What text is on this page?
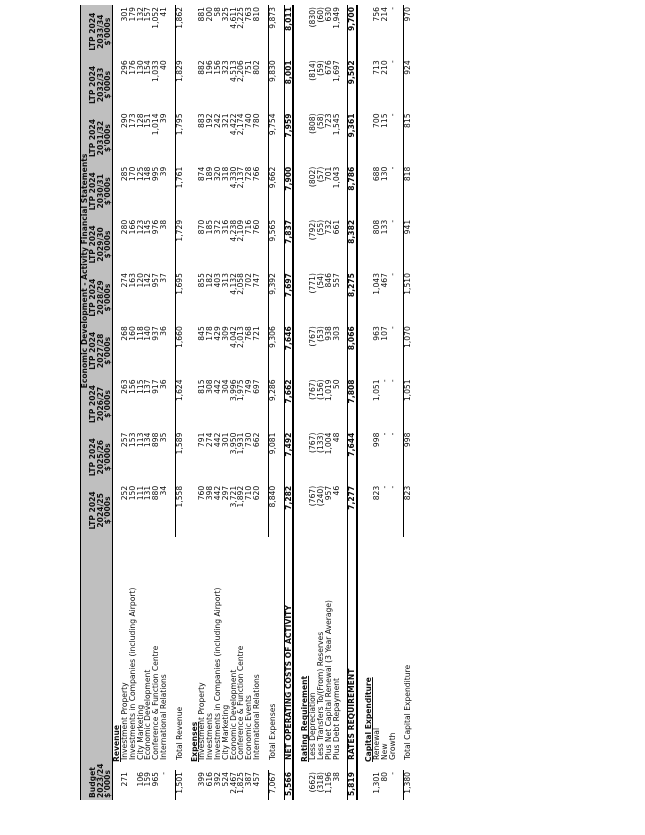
		Economic Development - Activity Financial Statements									
Budget		LTP 2024	LTP 2024	LTP 2024	LTP 2024	LTP 2024	LTP 2024	LTP 2024	LTP 2024	LTP 2024	LTP 2024
2023/24		2024/25	2025/26	2026/27	2027/28	2028/29	2029/30	2030/31	2031/32	2032/33	2033/34
$'000s		$'000s	$'000s	$'000s	$'000s	$'000s	$'000s	$'000s	$'000s	$'000s	$'000s
	Revenue										
271	Investment Property	252	257	263	268	274	280	285	290	296	301
	Investments in Companies (including Airport)	150	153	156	160	163	166	170	173	176	179
106	City Marketing	111	113	115	118	120	123	125	128	130	132
159	Economic Development	131	134	137	140	142	145	148	151	154	157
965	Conference & Function Centre	880	898	917	937	957	976	995	1,014	1,033	1,052
-	International Relations	34	35	36	36	37	38	39	39	40	41

1,501	Total Revenue	1,558	1,589	1,624	1,660	1,695	1,729	1,761	1,795	1,829	1,862

	Expenses										
399	Investment Property	760	791	815	845	855	870	874	883	882	881
616	Investments	398	274	308	178	182	185	189	192	196	200
392	Investments in Companies (including Airport)	442	442	442	429	403	372	320	242	156	58
524	City Marketing	297	301	304	309	313	316	318	321	323	325
2,467	Economic Development	3,721	3,950	3,996	4,042	4,132	4,238	4,330	4,422	4,513	4,611
1,825	Conference & Function Centre	1,892	1,931	1,975	2,013	2,058	2,109	2,137	2,174	2,206	2,225
387	Economic Events	710	730	749	768	702	716	728	740	751	763
457	International Relations	620	662	697	721	747	760	766	780	802	810

7,067	Total Expenses	8,840	9,081	9,286	9,306	9,392	9,565	9,662	9,754	9,830	9,873

5,566	NET OPERATING COSTS OF ACTIVITY	7,282	7,492	7,662	7,646	7,697	7,837	7,900	7,959	8,001	8,011

	Rating Requirement										
(662)	Less Depreciation	(767)	(767)	(767)	(767)	(771)	(792)	(802)	(808)	(814)	(830)
(318)	Less Transfers To/(From) Reserves	(240)	(133)	(156)	(53)	(54)	(55)	(57)	(58)	(59)	(60)
1,196	Plus Net Capital Renewal (3 Year Average)	957	1,004	1,019	938	846	732	701	723	676	630
38	Plus Debt Repayment	46	48	50	303	557	661	1,043	1,545	1,697	1,949

5,819	RATES REQUIREMENT	7,277	7,644	7,808	8,066	8,275	8,382	8,786	9,361	9,502	9,700

	Capital Expenditure										
1,301	Renewal	823	998	1,051	963	1,043	808	688	700	713	756
80	New	-	-	-	107	467	133	130	115	210	214
-	Growth	-	-	-	-	-	-	-	-	-	-

1,380	Total Capital Expenditure	823	998	1,051	1,070	1,510	941	818	815	924	970
